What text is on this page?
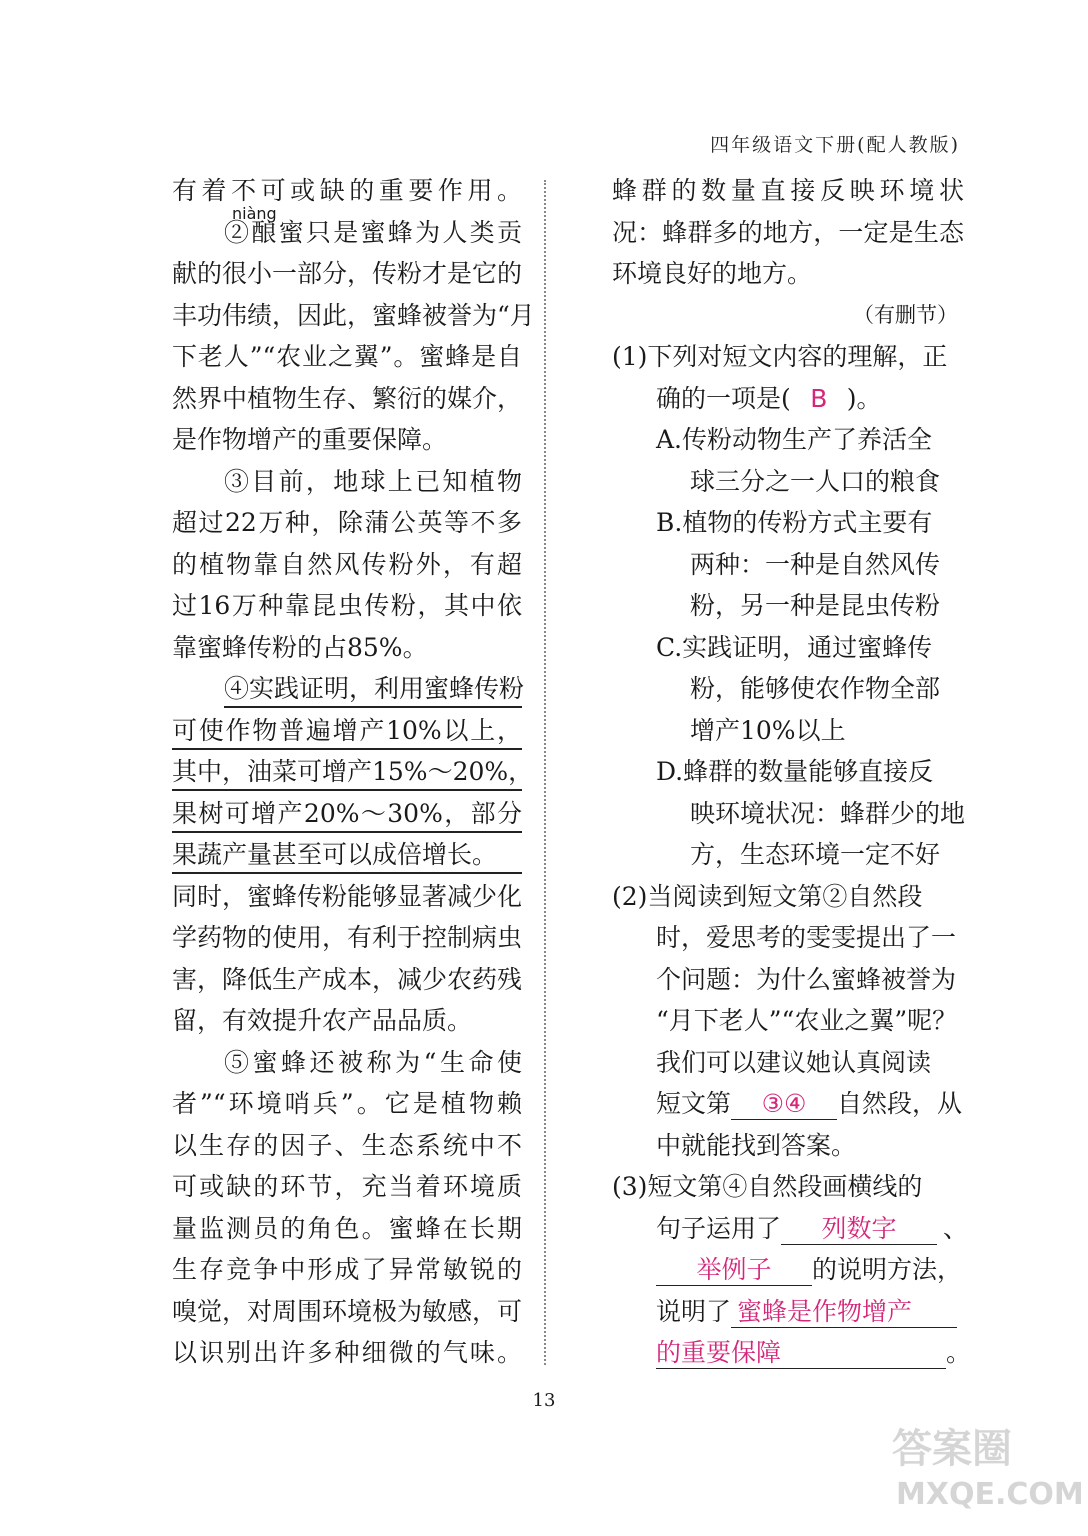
四年级语文下册(配人教版)
niàng
有着不可或缺的重要作用。
②酿蜜只是蜜蜂为人类贡
献的很小一部分，传粉才是它的
丰功伟绩，因此，蜜蜂被誉为“月
下老人”“农业之翼”。蜜蜂是自
然界中植物生存、繁衍的媒介，
是作物增产的重要保障。
③目前，地球上已知植物
超过22万种，除蒲公英等不多
的植物靠自然风传粉外，有超
过16万种靠昆虫传粉，其中依
靠蜜蜂传粉的占85%。
④实践证明，利用蜜蜂传粉
可使作物普遍增产10%以上，
其中，油菜可增产15%～20%，
果树可增产20%～30%，部分
果蔬产量甚至可以成倍增长。
同时，蜜蜂传粉能够显著减少化
学药物的使用，有利于控制病虫
害，降低生产成本，减少农药残
留，有效提升农产品品质。
⑤蜜蜂还被称为“生命使
者”“环境哨兵”。它是植物赖
以生存的因子、生态系统中不
可或缺的环节，充当着环境质
量监测员的角色。蜜蜂在长期
生存竞争中形成了异常敏锐的
嗅觉，对周围环境极为敏感，可
以识别出许多种细微的气味。
蜂群的数量直接反映环境状
况：蜂群多的地方，一定是生态
环境良好的地方。
（有删节）
(1)下列对短文内容的理解，正
确的一项是( B )。
A.传粉动物生产了养活全
球三分之一人口的粮食
B.植物的传粉方式主要有
两种：一种是自然风传
粉，另一种是昆虫传粉
C.实践证明，通过蜜蜂传
粉，能够使农作物全部
增产10%以上
D.蜂群的数量能够直接反
映环境状况：蜂群少的地
方，生态环境一定不好
(2)当阅读到短文第②自然段
时，爱思考的雯雯提出了一
个问题：为什么蜜蜂被誉为
“月下老人”“农业之翼”呢？
我们可以建议她认真阅读
短文第 ③④ 自然段，从
中就能找到答案。
(3)短文第④自然段画横线的
句子运用了 列数字 、
举例子 的说明方法，
说明了 蜜蜂是作物增产
的重要保障	。
13
答案圈
MXQE.COM
